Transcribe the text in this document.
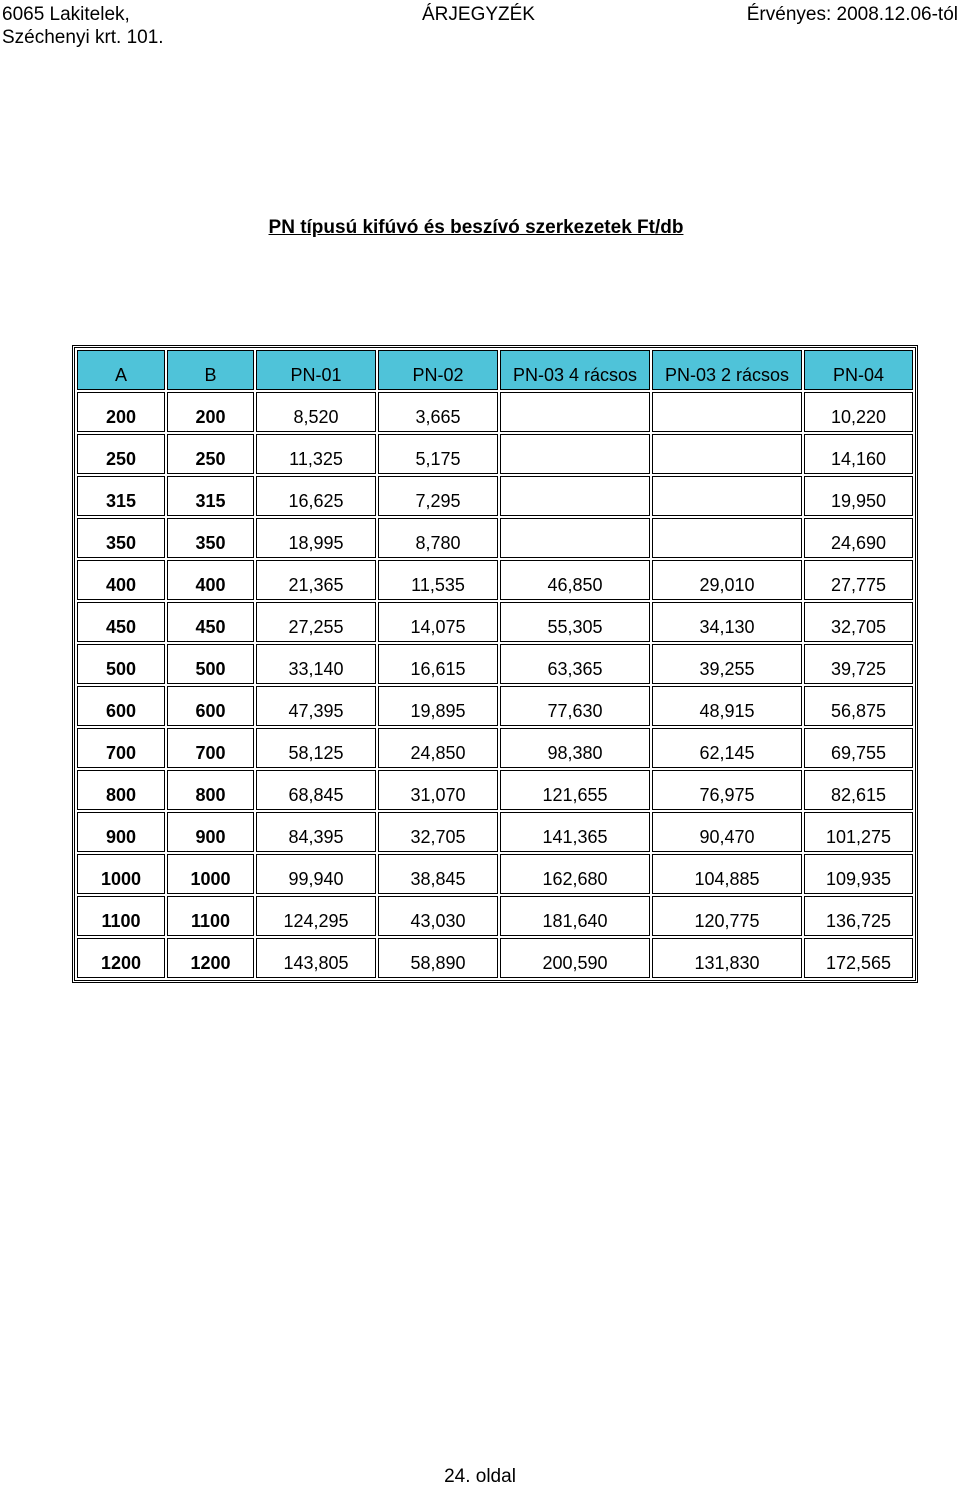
6065 Lakitelek,
Széchenyi krt. 101.
ÁRJEGYZÉK	Érvényes: 2008.12.06-tól
PN típusú kifúvó és beszívó szerkezetek Ft/db
A	B	PN-01	PN-02	PN-03 4 rácsos	PN-03 2 rácsos	PN-04
200	200	8,520	3,665			10,220
250	250	11,325	5,175			14,160
315	315	16,625	7,295			19,950
350	350	18,995	8,780			24,690
400	400	21,365	11,535	46,850	29,010	27,775
450	450	27,255	14,075	55,305	34,130	32,705
500	500	33,140	16,615	63,365	39,255	39,725
600	600	47,395	19,895	77,630	48,915	56,875
700	700	58,125	24,850	98,380	62,145	69,755
800	800	68,845	31,070	121,655	76,975	82,615
900	900	84,395	32,705	141,365	90,470	101,275
1000	1000	99,940	38,845	162,680	104,885	109,935
1100	1100	124,295	43,030	181,640	120,775	136,725
1200	1200	143,805	58,890	200,590	131,830	172,565
24. oldal
